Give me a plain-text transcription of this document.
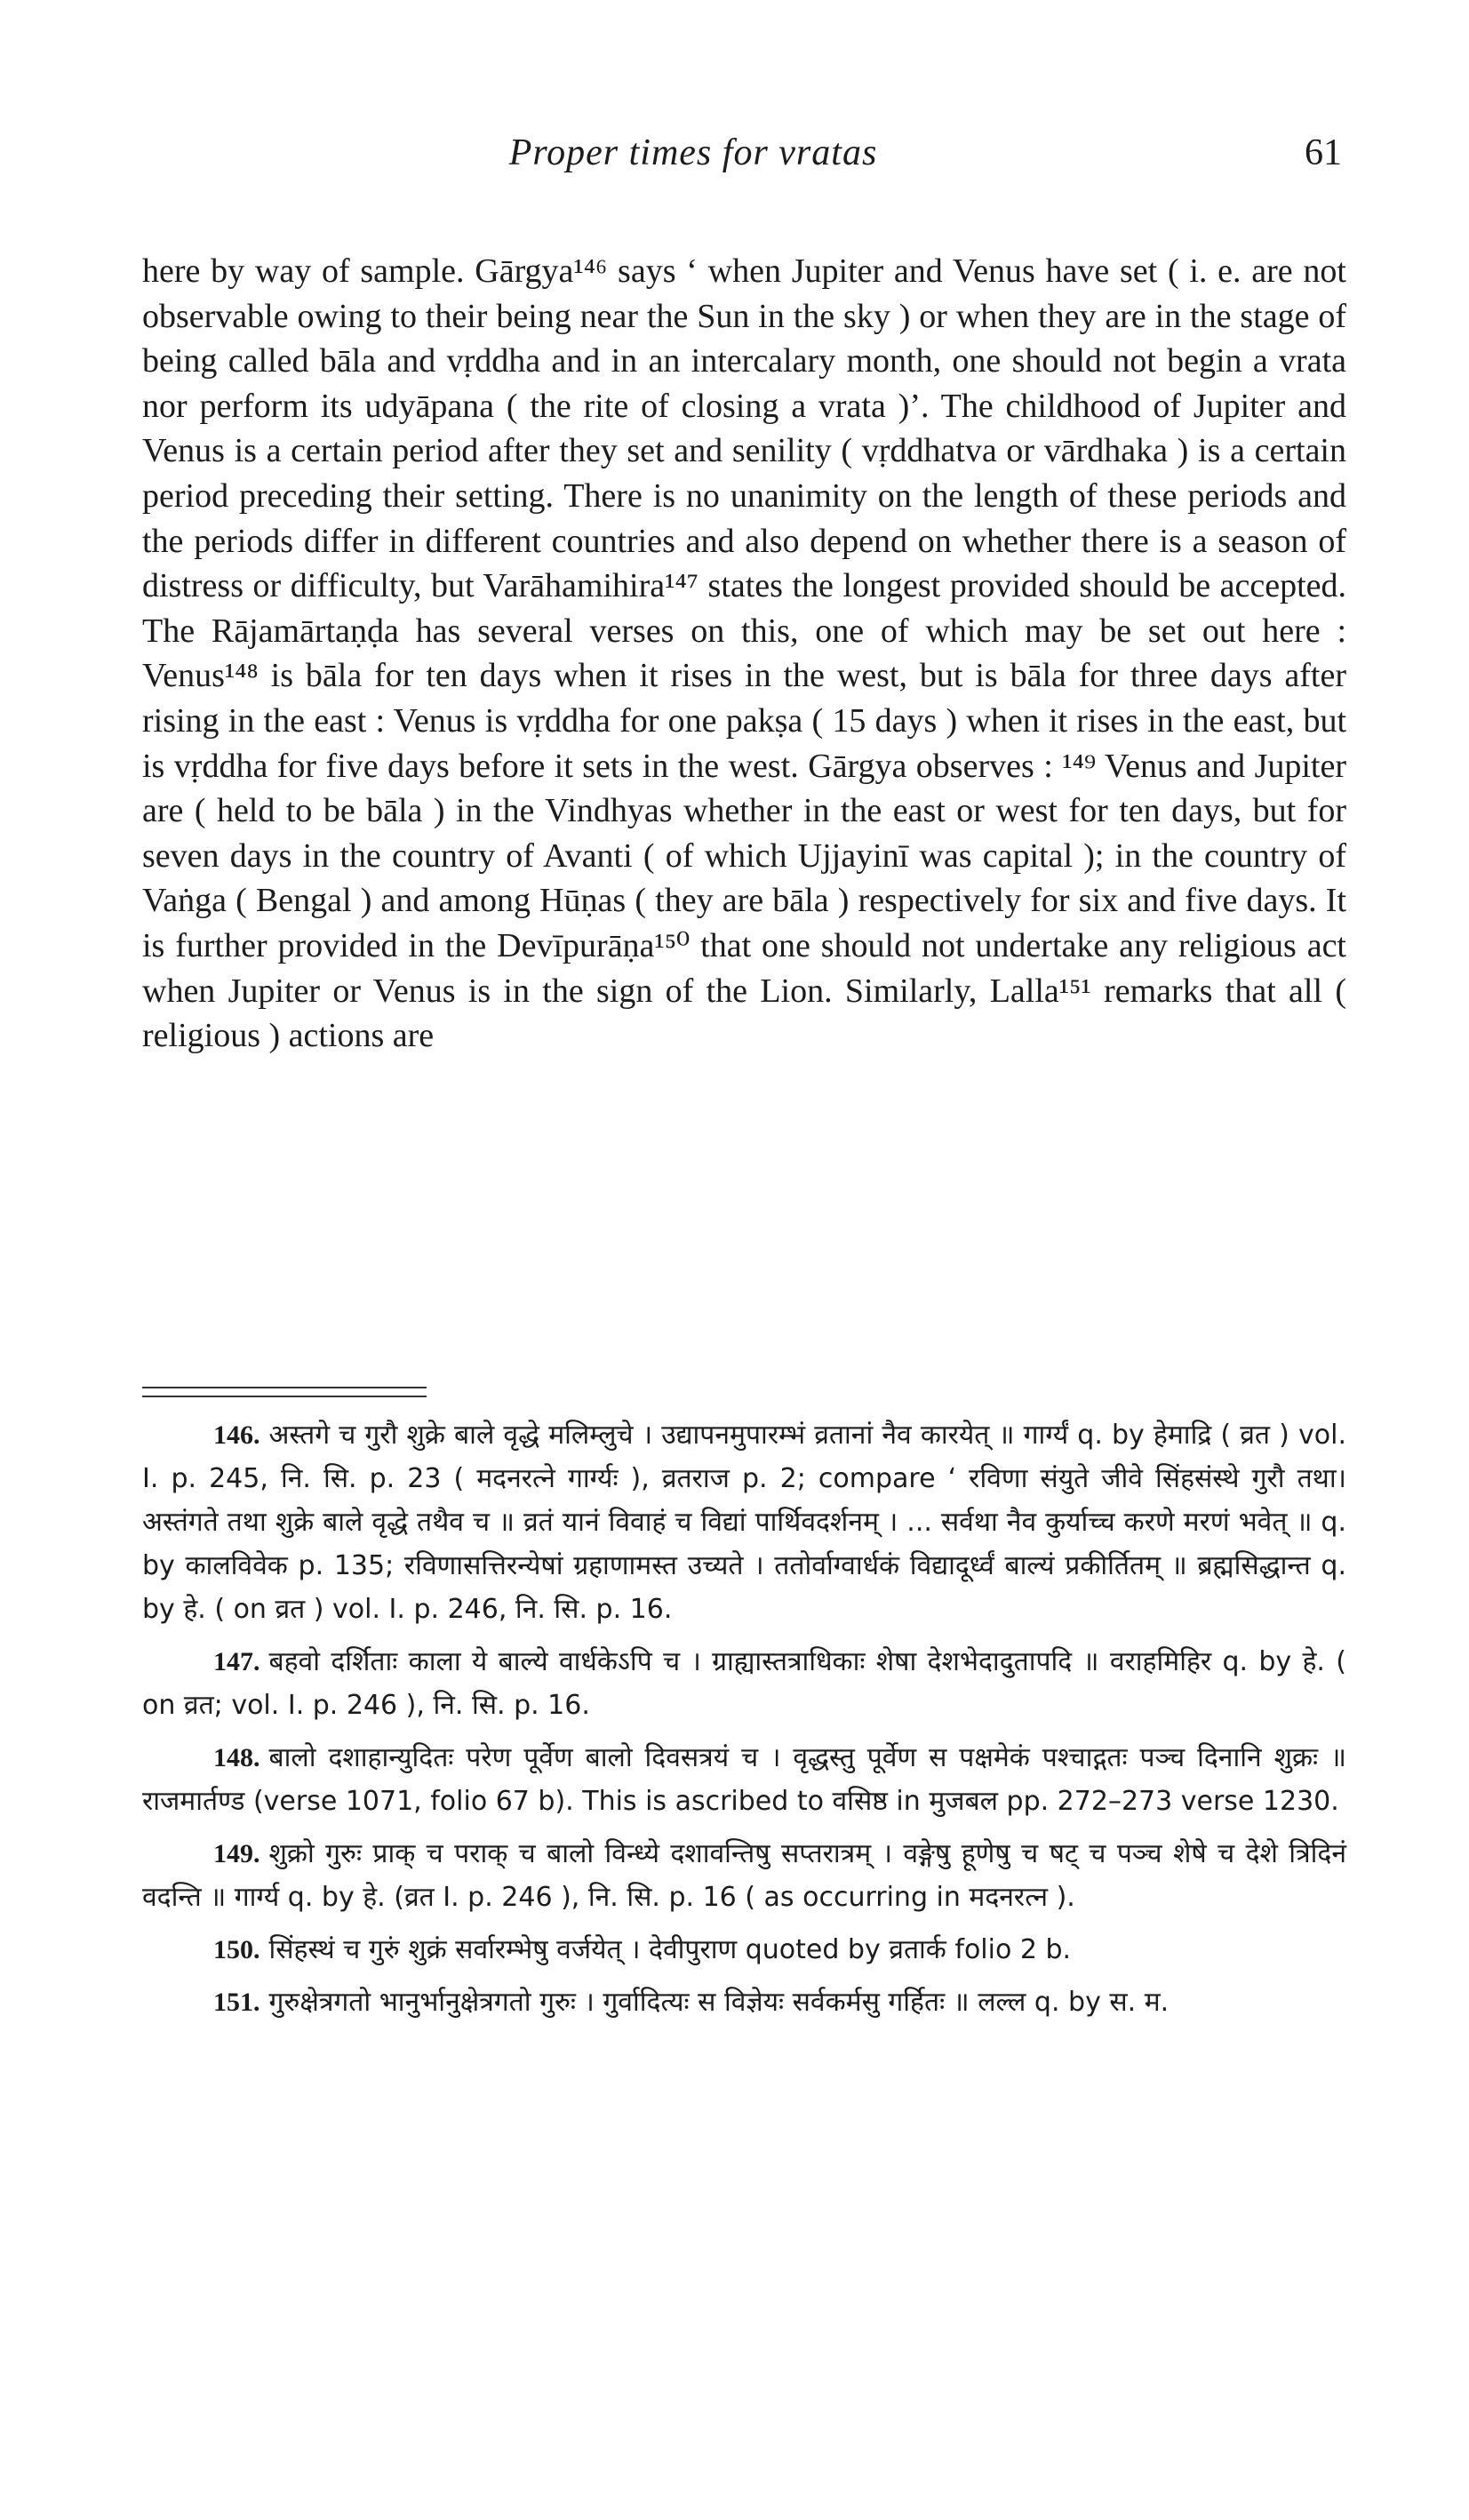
Proper times for vratas	61

here by way of sample. Gārgya¹⁴⁶ says ‘ when Jupiter and Venus have set ( i. e. are not observable owing to their being near the Sun in the sky ) or when they are in the stage of being called bāla and vṛddha and in an intercalary month, one should not begin a vrata nor perform its udyāpana ( the rite of closing a vrata )’. The childhood of Jupiter and Venus is a certain period after they set and senility ( vṛddhatva or vārdhaka ) is a certain period preceding their setting. There is no unanimity on the length of these periods and the periods differ in different countries and also depend on whether there is a season of distress or difficulty, but Varāhamihira¹⁴⁷ states the longest provided should be accepted. The Rājamārtaṇḍa has several verses on this, one of which may be set out here : Venus¹⁴⁸ is bāla for ten days when it rises in the west, but is bāla for three days after rising in the east : Venus is vṛddha for one pakṣa ( 15 days ) when it rises in the east, but is vṛddha for five days before it sets in the west. Gārgya observes : ¹⁴⁹ Venus and Jupiter are ( held to be bāla ) in the Vindhyas whether in the east or west for ten days, but for seven days in the country of Avanti ( of which Ujjayinī was capital ); in the country of Vaṅga ( Bengal ) and among Hūṇas ( they are bāla ) respectively for six and five days. It is further provided in the Devīpurāṇa¹⁵⁰ that one should not undertake any religious act when Jupiter or Venus is in the sign of the Lion. Similarly, Lalla¹⁵¹ remarks that all ( religious ) actions are

146. अस्तगे च गुरौ शुक्रे बाले वृद्धे मलिम्लुचे । उद्यापनमुपारम्भं व्रतानां नैव कारयेत् ॥ गार्ग्यं q. by हेमाद्रि ( व्रत ) vol. I. p. 245, नि. सि. p. 23 ( मदनरत्ने गार्ग्यः ), व्रतराज p. 2; compare ‘ रविणा संयुते जीवे सिंहसंस्थे गुरौ तथा। अस्तंगते तथा शुक्रे बाले वृद्धे तथैव च ॥ व्रतं यानं विवाहं च विद्यां पार्थिवदर्शनम् । ... सर्वथा नैव कुर्याच्च करणे मरणं भवेत् ॥ q. by कालविवेक p. 135; रविणासत्तिरन्येषां ग्रहाणामस्त उच्यते । ततोर्वाग्वार्धकं विद्यादूर्ध्वं बाल्यं प्रकीर्तितम् ॥ ब्रह्मसिद्धान्त q. by हे. ( on व्रत ) vol. I. p. 246, नि. सि. p. 16.

147. बहवो दर्शिताः काला ये बाल्ये वार्धकेऽपि च । ग्राह्यास्तत्राधिकाः शेषा देशभेदादुतापदि ॥ वराहमिहिर q. by हे. ( on व्रत; vol. I. p. 246 ), नि. सि. p. 16.

148. बालो दशाहान्युदितः परेण पूर्वेण बालो दिवसत्रयं च । वृद्धस्तु पूर्वेण स पक्षमेकं पश्चाद्गतः पञ्च दिनानि शुक्रः ॥ राजमार्तण्ड (verse 1071, folio 67 b). This is ascribed to वसिष्ठ in मुजबल pp. 272–273 verse 1230.

149. शुक्रो गुरुः प्राक् च पराक् च बालो विन्ध्ये दशावन्तिषु सप्तरात्रम् । वङ्गेषु हूणेषु च षट् च पञ्च शेषे च देशे त्रिदिनं वदन्ति ॥ गार्ग्य q. by हे. (व्रत I. p. 246 ), नि. सि. p. 16 ( as occurring in मदनरत्न ).

150. सिंहस्थं च गुरुं शुक्रं सर्वारम्भेषु वर्जयेत् । देवीपुराण quoted by व्रतार्क folio 2 b.

151. गुरुक्षेत्रगतो भानुर्भानुक्षेत्रगतो गुरुः । गुर्वादित्यः स विज्ञेयः सर्वकर्मसु गर्हितः ॥ लल्ल q. by स. म.
